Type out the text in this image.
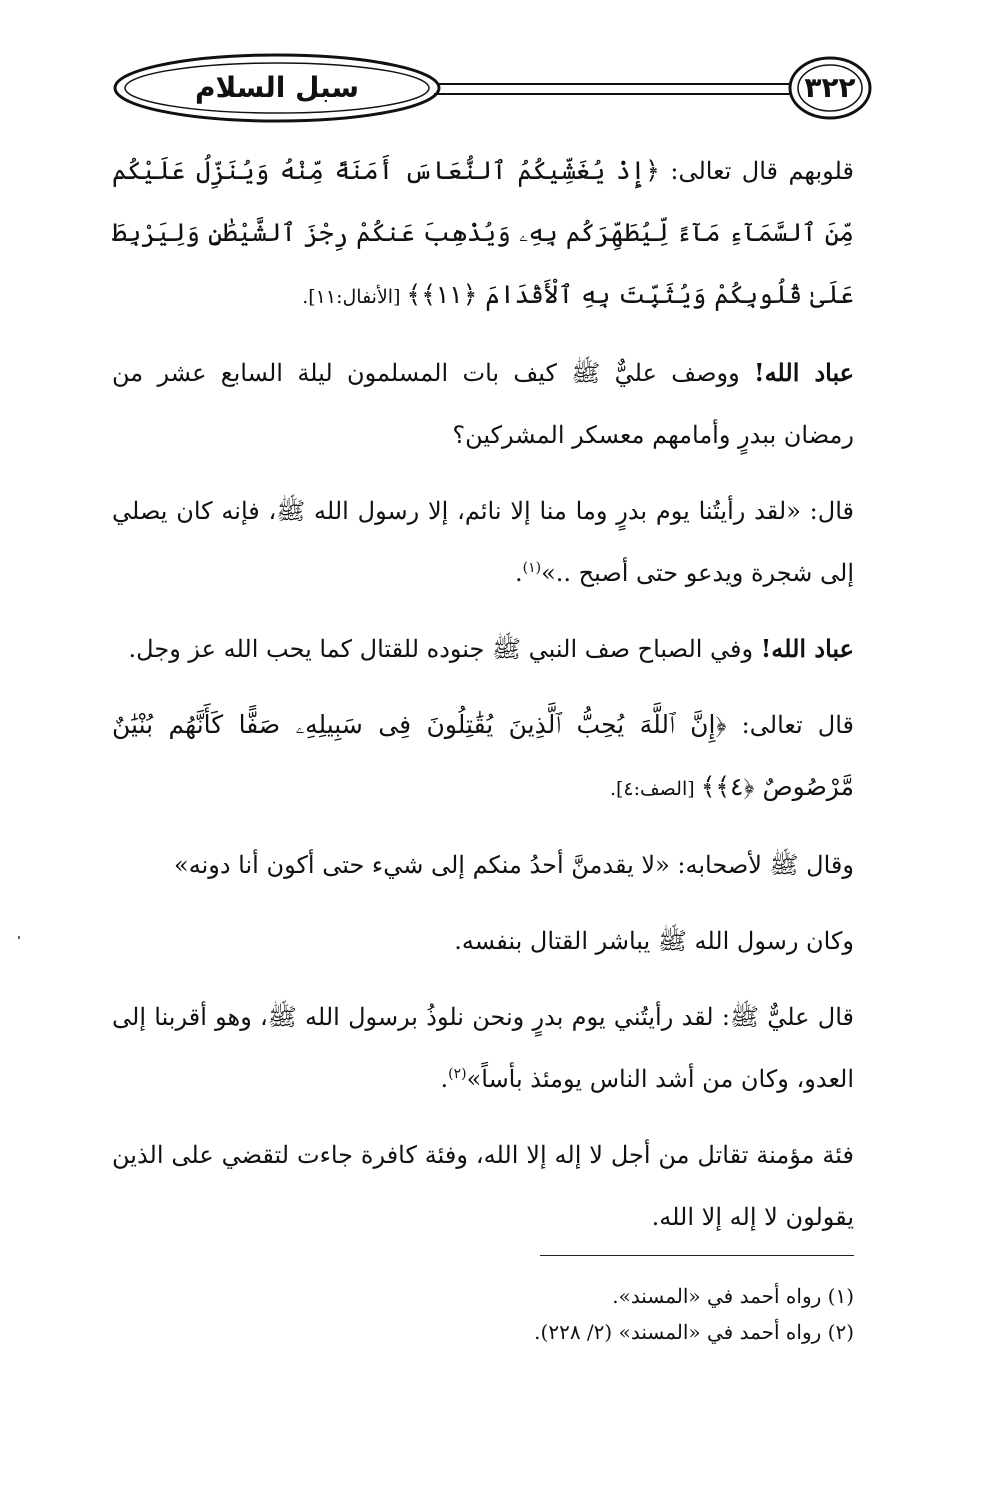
سبل السلام	٣٢٢

قلوبهم قال تعالى: ﴿إِذْ يُغَشِّيكُمُ ٱلنُّعَاسَ أَمَنَةً مِّنْهُ وَيُنَزِّلُ عَلَيْكُم مِّنَ ٱلسَّمَآءِ مَآءً لِّيُطَهِّرَكُم بِهِۦ وَيُذْهِبَ عَنكُمْ رِجْزَ ٱلشَّيْطَٰنِ وَلِيَرْبِطَ عَلَىٰ قُلُوبِكُمْ وَيُثَبِّتَ بِهِ ٱلْأَقْدَامَ ﴿١١﴾﴾ [الأنفال:١١].

عباد الله! ووصف عليٌّ ﷺ كيف بات المسلمون ليلة السابع عشر من رمضان ببدرٍ وأمامهم معسكر المشركين؟

قال: «لقد رأيتُنا يوم بدرٍ وما منا إلا نائم، إلا رسول الله ﷺ، فإنه كان يصلي إلى شجرة ويدعو حتى أصبح ..»$^{(١)}$.

عباد الله! وفي الصباح صف النبي ﷺ جنوده للقتال كما يحب الله عز وجل.

قال تعالى: ﴿إِنَّ ٱللَّهَ يُحِبُّ ٱلَّذِينَ يُقَٰتِلُونَ فِى سَبِيلِهِۦ صَفًّا كَأَنَّهُم بُنْيَٰنٌ مَّرْصُوصٌ ﴿٤﴾﴾ [الصف:٤].

وقال ﷺ لأصحابه: «لا يقدمنَّ أحدُ منكم إلى شيء حتى أكون أنا دونه»

وكان رسول الله ﷺ يباشر القتال بنفسه.

قال عليٌّ ﷺ: لقد رأيتُني يوم بدرٍ ونحن نلوذُ برسول الله ﷺ، وهو أقربنا إلى العدو، وكان من أشد الناس يومئذ بأساً»$^{(٢)}$.

فئة مؤمنة تقاتل من أجل لا إله إلا الله، وفئة كافرة جاءت لتقضي على الذين يقولون لا إله إلا الله.

(١) رواه أحمد في «المسند».

(٢) رواه أحمد في «المسند» (٢/ ٢٢٨).
